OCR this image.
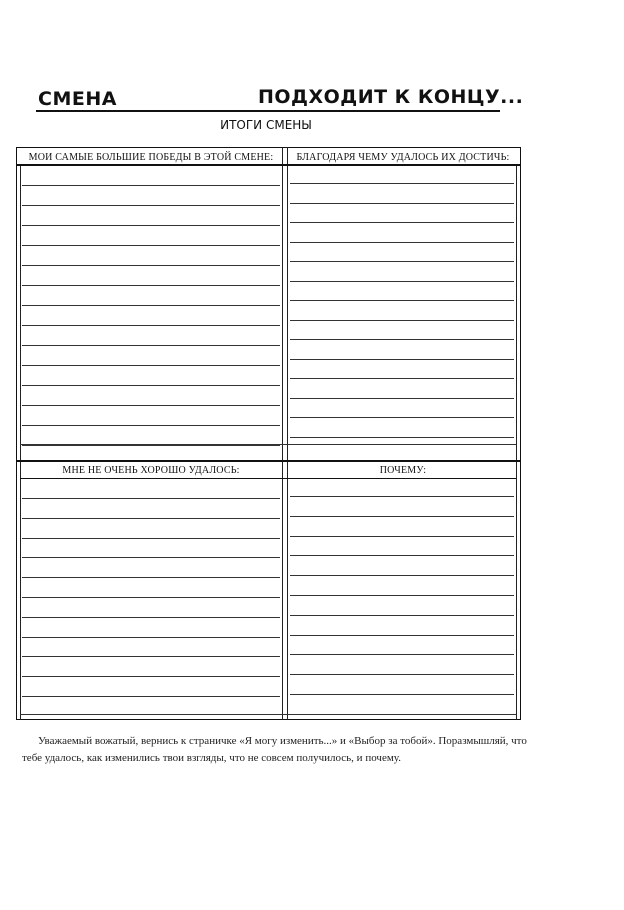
СМЕНА	ПОДХОДИТ К КОНЦУ...
ИТОГИ СМЕНЫ
МОИ САМЫЕ БОЛЬШИЕ ПОБЕДЫ В ЭТОЙ СМЕНЕ:	БЛАГОДАРЯ ЧЕМУ УДАЛОСЬ ИХ ДОСТИЧЬ:
МНЕ НЕ ОЧЕНЬ ХОРОШО УДАЛОСЬ:	ПОЧЕМУ:
Уважаемый вожатый, вернись к страничке «Я могу изменить...» и «Выбор за тобой». Поразмышляй, что тебе удалось, как изменились твои взгляды, что не совсем получилось, и почему.
